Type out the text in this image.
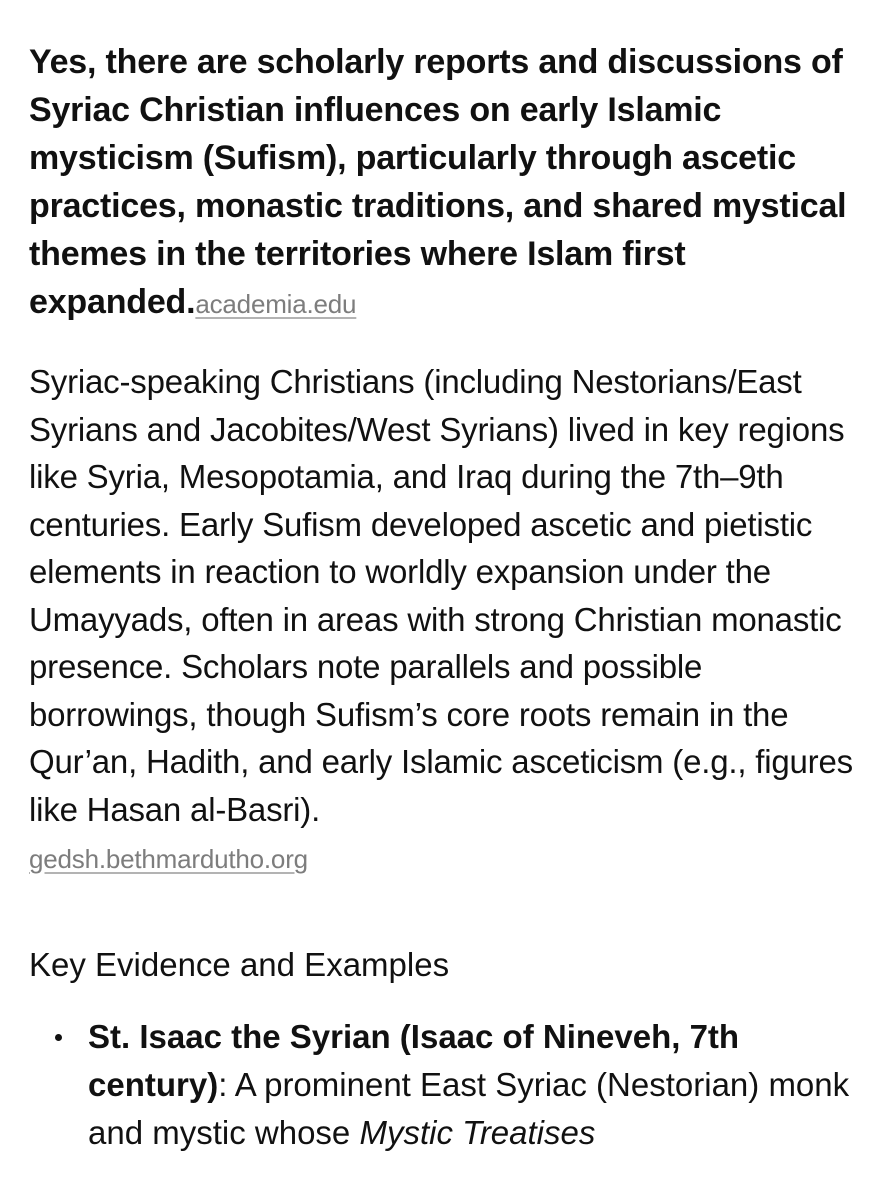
Yes, there are scholarly reports and discussions of Syriac Christian influences on early Islamic mysticism (Sufism), particularly through ascetic practices, monastic traditions, and shared mystical themes in the territories where Islam first expanded.academia.edu

Syriac-speaking Christians (including Nestorians/East Syrians and Jacobites/West Syrians) lived in key regions like Syria, Mesopotamia, and Iraq during the 7th–9th centuries. Early Sufism developed ascetic and pietistic elements in reaction to worldly expansion under the Umayyads, often in areas with strong Christian monastic presence. Scholars note parallels and possible borrowings, though Sufism’s core roots remain in the Qur’an, Hadith, and early Islamic asceticism (e.g., figures like Hasan al-Basri).
gedsh.bethmardutho.org

Key Evidence and Examples
St. Isaac the Syrian (Isaac of Nineveh, 7th century): A prominent East Syriac (Nestorian) monk and mystic whose Mystic Treatises
